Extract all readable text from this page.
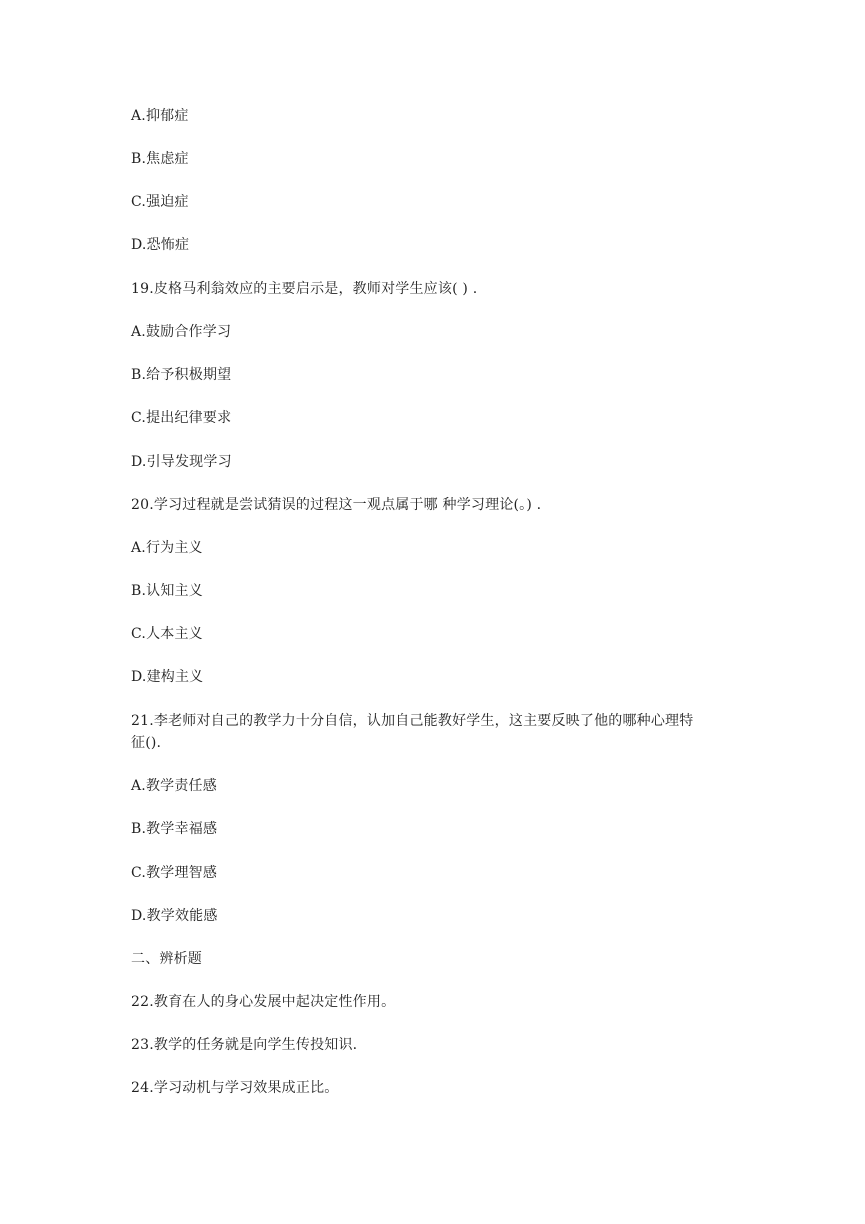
A.抑郁症
B.焦虑症
C.强迫症
D.恐怖症
19.皮格马利翁效应的主要启示是，教师对学生应该( ) .
A.鼓励合作学习
B.给予积极期望
C.提出纪律要求
D.引导发现学习
20.学习过程就是尝试猜误的过程这一观点属于哪 种学习理论(。) .
A.行为主义
B.认知主义
C.人本主义
D.建构主义
21.李老师对自己的教学力十分自信，认加自己能教好学生，这主要反映了他的哪种心理特
征().
A.教学责任感
B.教学幸福感
C.教学理智感
D.教学效能感
二、辨析题
22.教育在人的身心发展中起决定性作用。
23.教学的任务就是向学生传投知识.
24.学习动机与学习效果成正比。
